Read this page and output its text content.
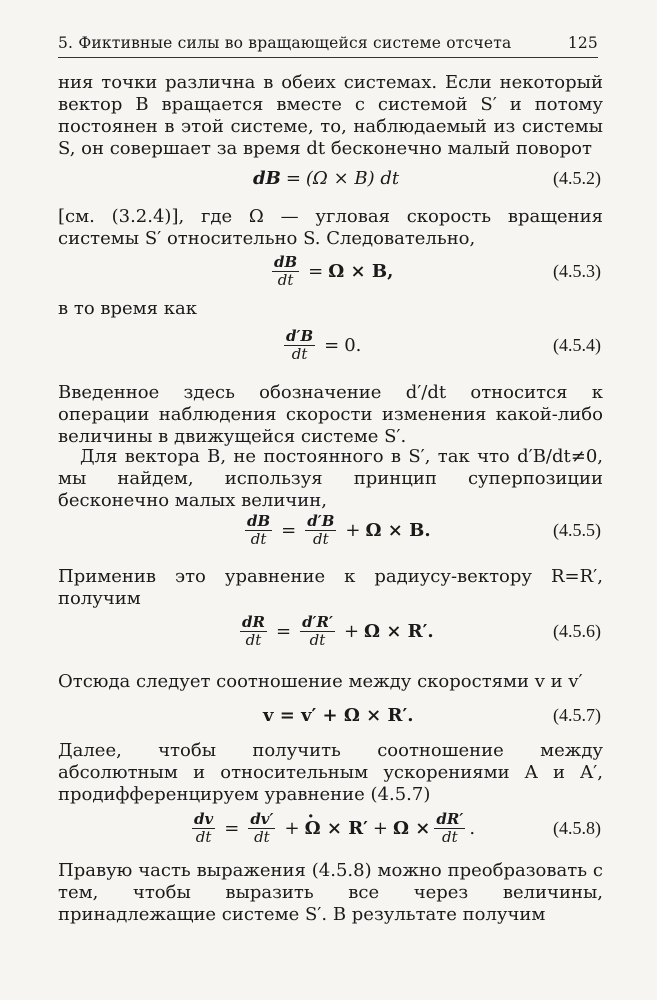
5. Фиктивные силы во вращающейся системе отсчета	125

ния точки различна в обеих системах. Если некоторый вектор B вращается вместе с системой S′ и потому постоянен в этой системе, то, наблюдаемый из системы S, он совершает за время dt бесконечно малый поворот

dB = (Ω × B) dt	(4.5.2)

[см. (3.2.4)], где Ω — угловая скорость вращения системы S′ относительно S. Следовательно,

$\frac{dB}{dt} = \Omega \times B$,	(4.5.3)

в то время как

$\frac{d'B}{dt} = 0$.	(4.5.4)

Введенное здесь обозначение d′/dt относится к операции наблюдения скорости изменения какой-либо величины в движущейся системе S′.

Для вектора B, не постоянного в S′, так что d′B/dt≠0, мы найдем, используя принцип суперпозиции бесконечно малых величин,

$\frac{dB}{dt} = \frac{d'B}{dt} + \Omega \times B$.	(4.5.5)

Применив это уравнение к радиусу-вектору R=R′, получим

$\frac{dR}{dt} = \frac{d'R'}{dt} + \Omega \times R'$.	(4.5.6)

Отсюда следует соотношение между скоростями v и v′

v = v′ + Ω × R′.	(4.5.7)

Далее, чтобы получить соотношение между абсолютным и относительным ускорениями A и A′, продифференцируем уравнение (4.5.7)

$\frac{dv}{dt} = \frac{dv'}{dt}$ +
· $\Omega \times R' + \Omega \times \frac{dR'}{dt}$ .	(4.5.8)

Правую часть выражения (4.5.8) можно преобразовать с тем, чтобы выразить все через величины, принадлежащие системе S′. В результате получим
